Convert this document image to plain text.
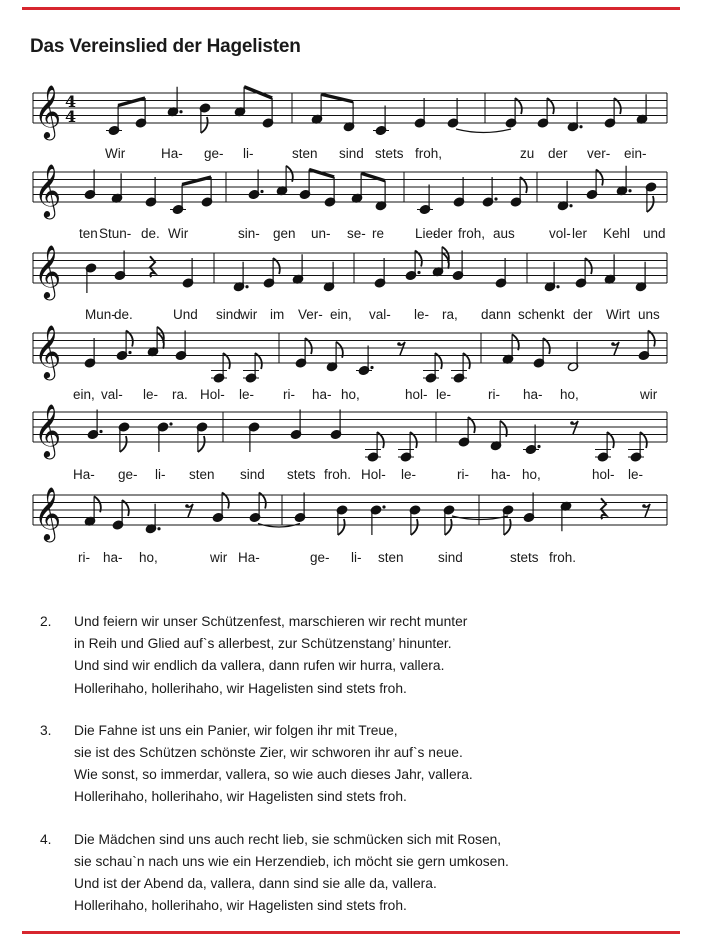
Das Vereinslied der Hagelisten
𝄞 4
4
𝄞
𝄞
𝄞
𝄞
𝄞
2. Und feiern wir unser Schützenfest, marschieren wir recht munter
in Reih und Glied auf`s allerbest, zur Schützenstang’ hinunter.
Und sind wir endlich da vallera, dann rufen wir hurra, vallera.
Hollerihaho, hollerihaho, wir Hagelisten sind stets froh.
3. Die Fahne ist uns ein Panier, wir folgen ihr mit Treue,
sie ist des Schützen schönste Zier, wir schworen ihr auf`s neue.
Wie sonst, so immerdar, vallera, so wie auch dieses Jahr, vallera.
Hollerihaho, hollerihaho, wir Hagelisten sind stets froh.
4. Die Mädchen sind uns auch recht lieb, sie schmücken sich mit Rosen,
sie schau`n nach uns wie ein Herzendieb, ich möcht sie gern umkosen.
Und ist der Abend da, vallera, dann sind sie alle da, vallera.
Hollerihaho, hollerihaho, wir Hagelisten sind stets froh.
Wir	Ha- ge- li-	sten sind stets froh,	zu der ver- ein-
ten Stun- de. Wir	sin- gen un- se- re Lie-
der froh, aus	vol- ler Kehl und
Mun-
de.	Und sind wir im Ver- ein, val- le- ra, dann schenkt der Wirt uns
ein, val- le- ra. Hol- le- ri- ha- ho,	hol- le-	ri- ha- ho,	wir
Ha- ge- li- sten sind stets froh. Hol- le-	ri- ha- ho,	hol- le-
ri- ha- ho,	wir Ha-	ge- li- sten	sind	stets froh.
